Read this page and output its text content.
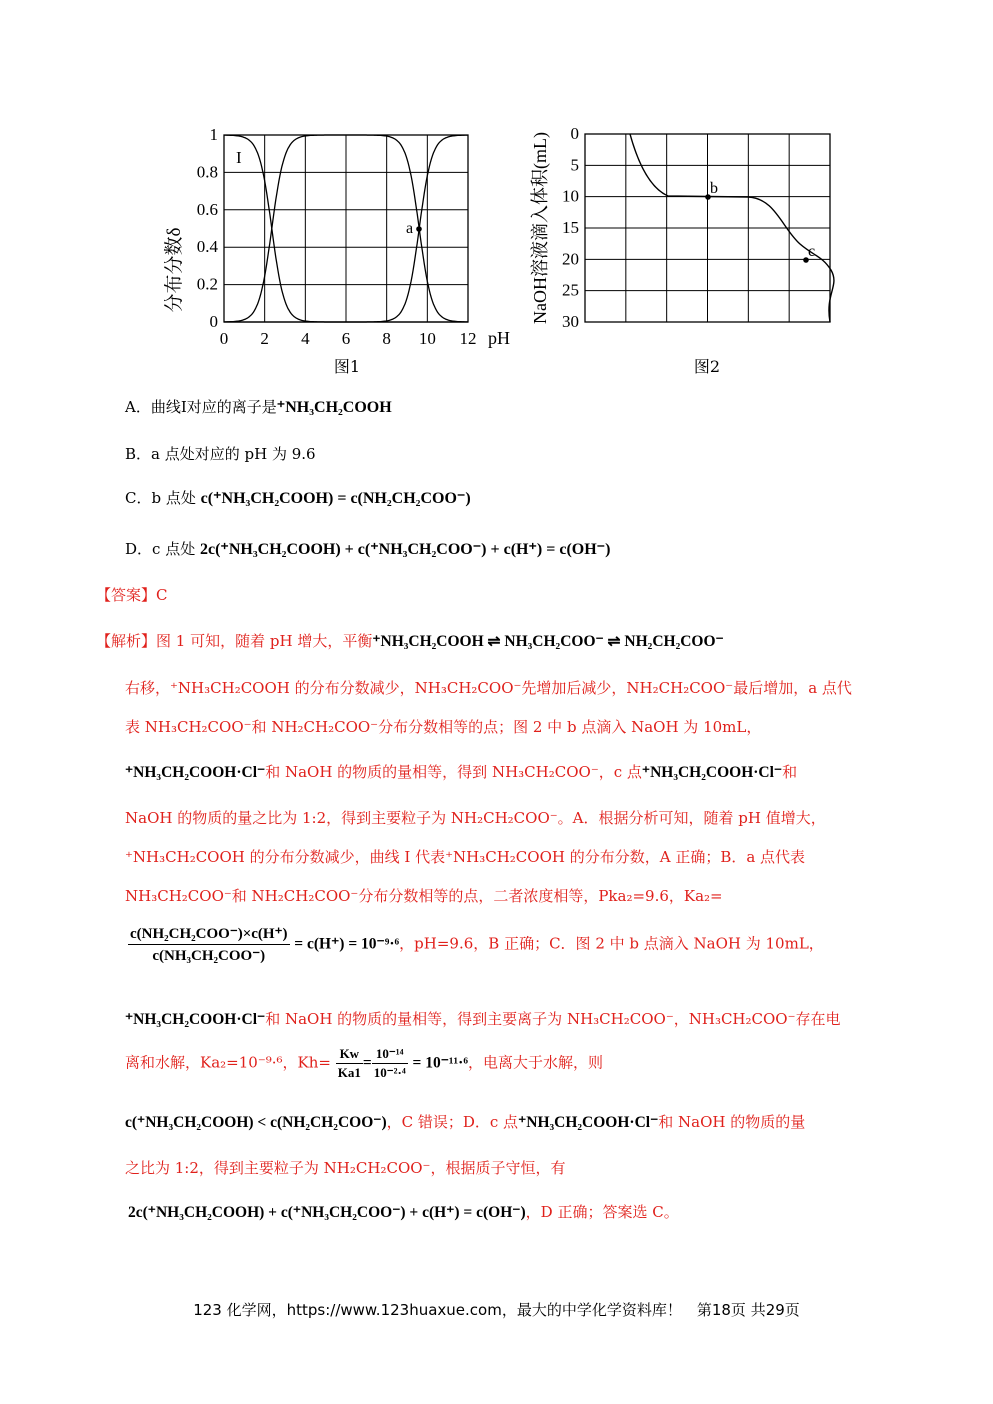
分布分数δ
1
0.8
0.6
0.4
0.2
0
0 2 4 6 8 10 12 pH
I
a
图1
NaOH溶液滴入体积(mL) 0
5
10
15
20
25
30
b
c
图2
A．曲线I对应的离子是⁺NH₃CH₂COOH
B．a 点处对应的 pH 为 9.6
C．b 点处 c(⁺NH₃CH₂COOH) = c(NH₂CH₂COO⁻)
D．c 点处 2c(⁺NH₃CH₂COOH) + c(⁺NH₃CH₂COO⁻) + c(H⁺) = c(OH⁻)
【答案】C
【解析】图 1 可知，随着 pH 增大，平衡⁺NH₃CH₂COOH ⇌ NH₃CH₂COO⁻ ⇌ NH₂CH₂COO⁻
右移，⁺NH₃CH₂COOH 的分布分数减少，NH₃CH₂COO⁻先增加后减少，NH₂CH₂COO⁻最后增加，a 点代
表 NH₃CH₂COO⁻和 NH₂CH₂COO⁻分布分数相等的点；图 2 中 b 点滴入 NaOH 为 10mL，
⁺NH₃CH₂COOH·Cl⁻和 NaOH 的物质的量相等，得到 NH₃CH₂COO⁻，c 点⁺NH₃CH₂COOH·Cl⁻和
NaOH 的物质的量之比为 1:2，得到主要粒子为 NH₂CH₂COO⁻。A．根据分析可知，随着 pH 值增大，
⁺NH₃CH₂COOH 的分布分数减少，曲线 I 代表⁺NH₃CH₂COOH 的分布分数，A 正确；B．a 点代表
NH₃CH₂COO⁻和 NH₂CH₂COO⁻分布分数相等的点，二者浓度相等，Pka₂=9.6，Ka₂=
$\frac{\text{c(NH₂CH₂COO⁻)×c(H⁺)}}{\text{c(NH₃CH₂COO⁻)}} = c(H^+) = 10^{-9}\cdot^6$，pH=9.6，B 正确；C．图 2 中 b 点滴入 NaOH 为 10mL，
⁺NH₃CH₂COOH·Cl⁻和 NaOH 的物质的量相等，得到主要离子为 NH₃CH₂COO⁻，NH₃CH₂COO⁻存在电
离和水解，Ka₂=10⁻⁹·⁶，$Kh= \frac{Kw}{Ka1} = \frac{\text{10⁻¹⁴}}{\text{10⁻²·⁴}} = 10^{-11}\cdot^6$，电离大于水解，则
c(⁺NH₃CH₂COOH) < c(NH₂CH₂COO⁻)，C 错误；D．c 点⁺NH₃CH₂COOH·Cl⁻和 NaOH 的物质的量
之比为 1:2，得到主要粒子为 NH₂CH₂COO⁻，根据质子守恒，有
2c(⁺NH₃CH₂COOH) + c(⁺NH₃CH₂COO⁻) + c(H⁺) = c(OH⁻)，D 正确；答案选 C。
123 化学网，https://www.123huaxue.com，最大的中学化学资料库！　第18页 共29页
